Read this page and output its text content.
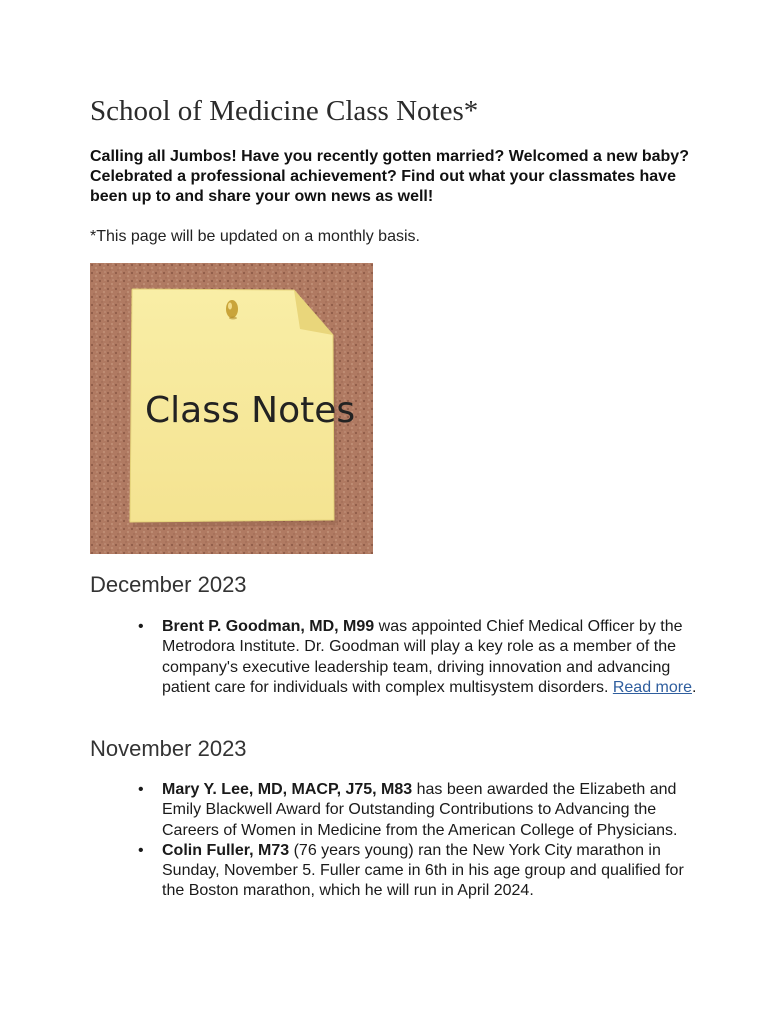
School of Medicine Class Notes*

Calling all Jumbos! Have you recently gotten married? Welcomed a new baby? Celebrated a professional achievement? Find out what your classmates have been up to and share your own news as well!

*This page will be updated on a monthly basis.

Class Notes
December 2023
• Brent P. Goodman, MD, M99 was appointed Chief Medical Officer by the Metrodora Institute. Dr. Goodman will play a key role as a member of the company's executive leadership team, driving innovation and advancing patient care for individuals with complex multisystem disorders. Read more.
November 2023
• Mary Y. Lee, MD, MACP, J75, M83 has been awarded the Elizabeth and Emily Blackwell Award for Outstanding Contributions to Advancing the Careers of Women in Medicine from the American College of Physicians.
• Colin Fuller, M73 (76 years young) ran the New York City marathon in Sunday, November 5. Fuller came in 6th in his age group and qualified for the Boston marathon, which he will run in April 2024.
